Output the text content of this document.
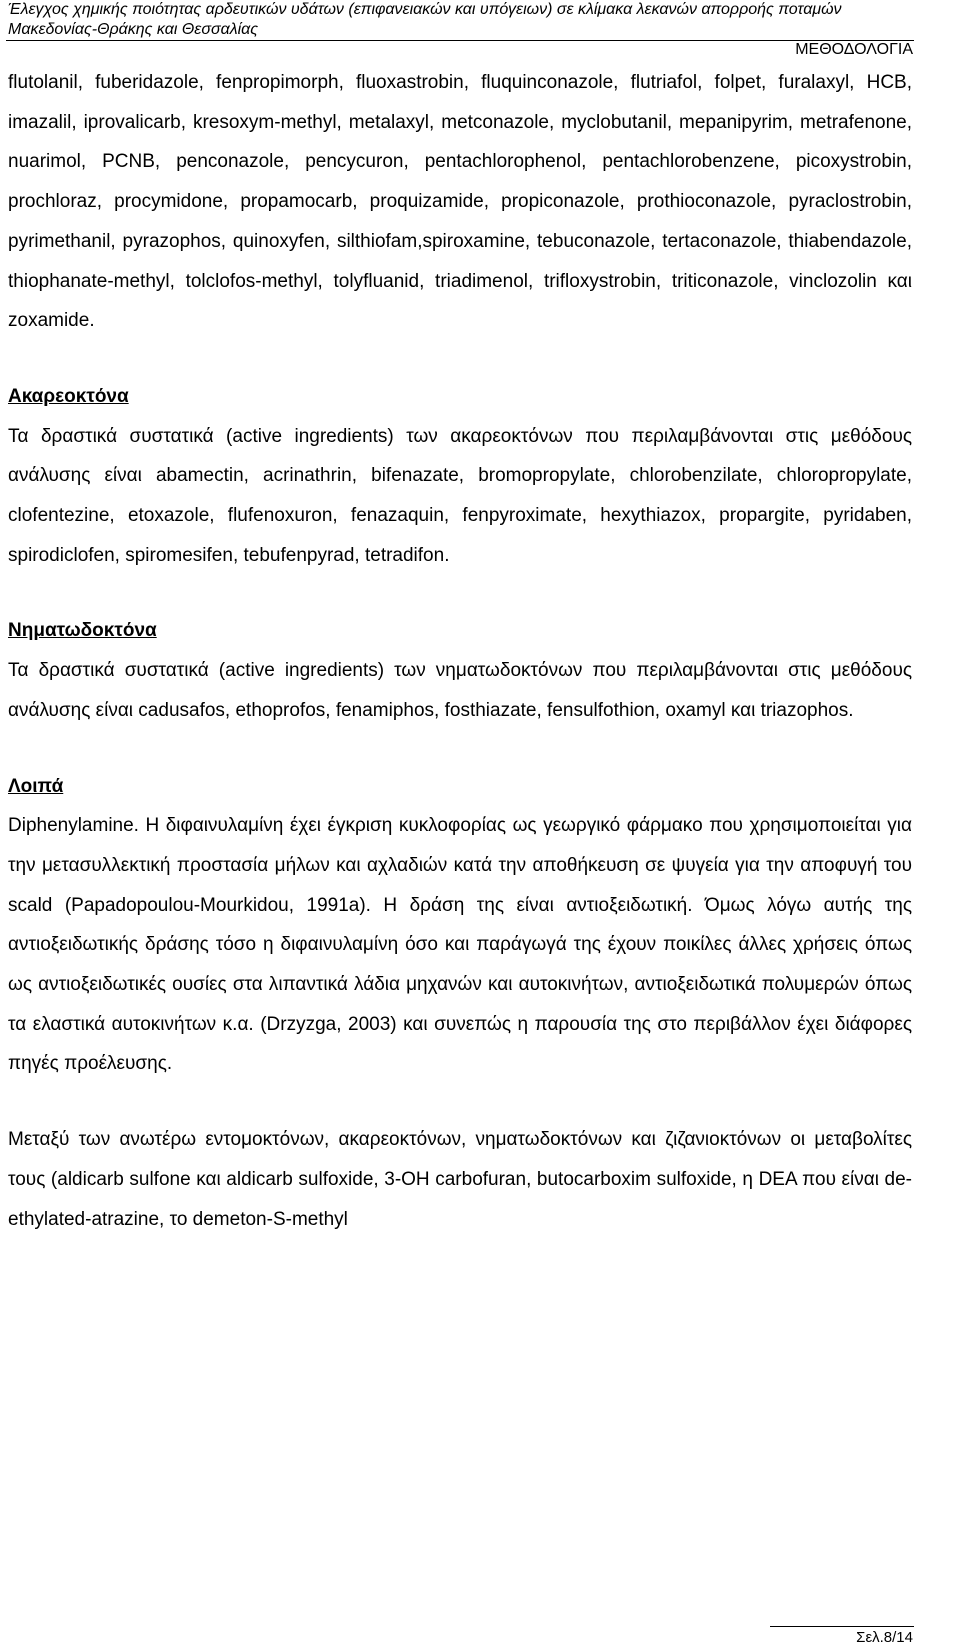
Έλεγχος χημικής ποιότητας αρδευτικών υδάτων (επιφανειακών και υπόγειων) σε κλίμακα λεκανών απορροής ποταμών
Μακεδονίας-Θράκης και Θεσσαλίας
ΜΕΘΟΔΟΛΟΓΙΑ

flutolanil, fuberidazole, fenpropimorph, fluoxastrobin, fluquinconazole, flutriafol, folpet, furalaxyl, HCB, imazalil, iprovalicarb, kresoxym-methyl, metalaxyl, metconazole, myclobutanil, mepanipyrim, metrafenone, nuarimol, PCNB, penconazole, pencycuron, pentachlorophenol, pentachlorobenzene, picoxystrobin, prochloraz, procymidone, propamocarb, proquizamide, propiconazole, prothioconazole, pyraclostrobin, pyrimethanil, pyrazophos, quinoxyfen, silthiofam,spiroxamine, tebuconazole, tertaconazole, thiabendazole, thiophanate-methyl, tolclofos-methyl, tolyfluanid, triadimenol, trifloxystrobin, triticonazole, vinclozolin και zoxamide.

Ακαρεοκτόνα

Τα δραστικά συστατικά (active ingredients) των ακαρεοκτόνων που περιλαμβάνονται στις μεθόδους ανάλυσης είναι abamectin, acrinathrin, bifenazate, bromopropylate, chlorobenzilate, chloropropylate, clofentezine, etoxazole, flufenoxuron, fenazaquin, fenpyroximate, hexythiazox, propargite, pyridaben, spirodiclofen, spiromesifen, tebufenpyrad, tetradifon.

Νηματωδοκτόνα

Τα δραστικά συστατικά (active ingredients) των νηματωδοκτόνων που περιλαμβάνονται στις μεθόδους ανάλυσης είναι cadusafos, ethoprofos, fenamiphos, fosthiazate, fensulfothion, oxamyl και triazophos.

Λοιπά

Diphenylamine. Η διφαινυλαμίνη έχει έγκριση κυκλοφορίας ως γεωργικό φάρμακο που χρησιμοποιείται για την μετασυλλεκτική προστασία μήλων και αχλαδιών κατά την αποθήκευση σε ψυγεία για την αποφυγή του scald (Papadopoulou-Mourkidou, 1991a). Η δράση της είναι αντιοξειδωτική. Όμως λόγω αυτής της αντιοξειδωτικής δράσης τόσο η διφαινυλαμίνη όσο και παράγωγά της έχουν ποικίλες άλλες χρήσεις όπως ως αντιοξειδωτικές ουσίες στα λιπαντικά λάδια μηχανών και αυτοκινήτων, αντιοξειδωτικά πολυμερών όπως τα ελαστικά αυτοκινήτων κ.α. (Drzyzga, 2003) και συνεπώς η παρουσία της στο περιβάλλον έχει διάφορες πηγές προέλευσης.

Μεταξύ των ανωτέρω εντομοκτόνων, ακαρεοκτόνων, νηματωδοκτόνων και ζιζανιοκτόνων οι μεταβολίτες τους (aldicarb sulfone και aldicarb sulfoxide, 3-OH carbofuran, butocarboxim sulfoxide, η DEA που είναι de-ethylated-atrazine, το demeton-S-methyl

Σελ.8/14
